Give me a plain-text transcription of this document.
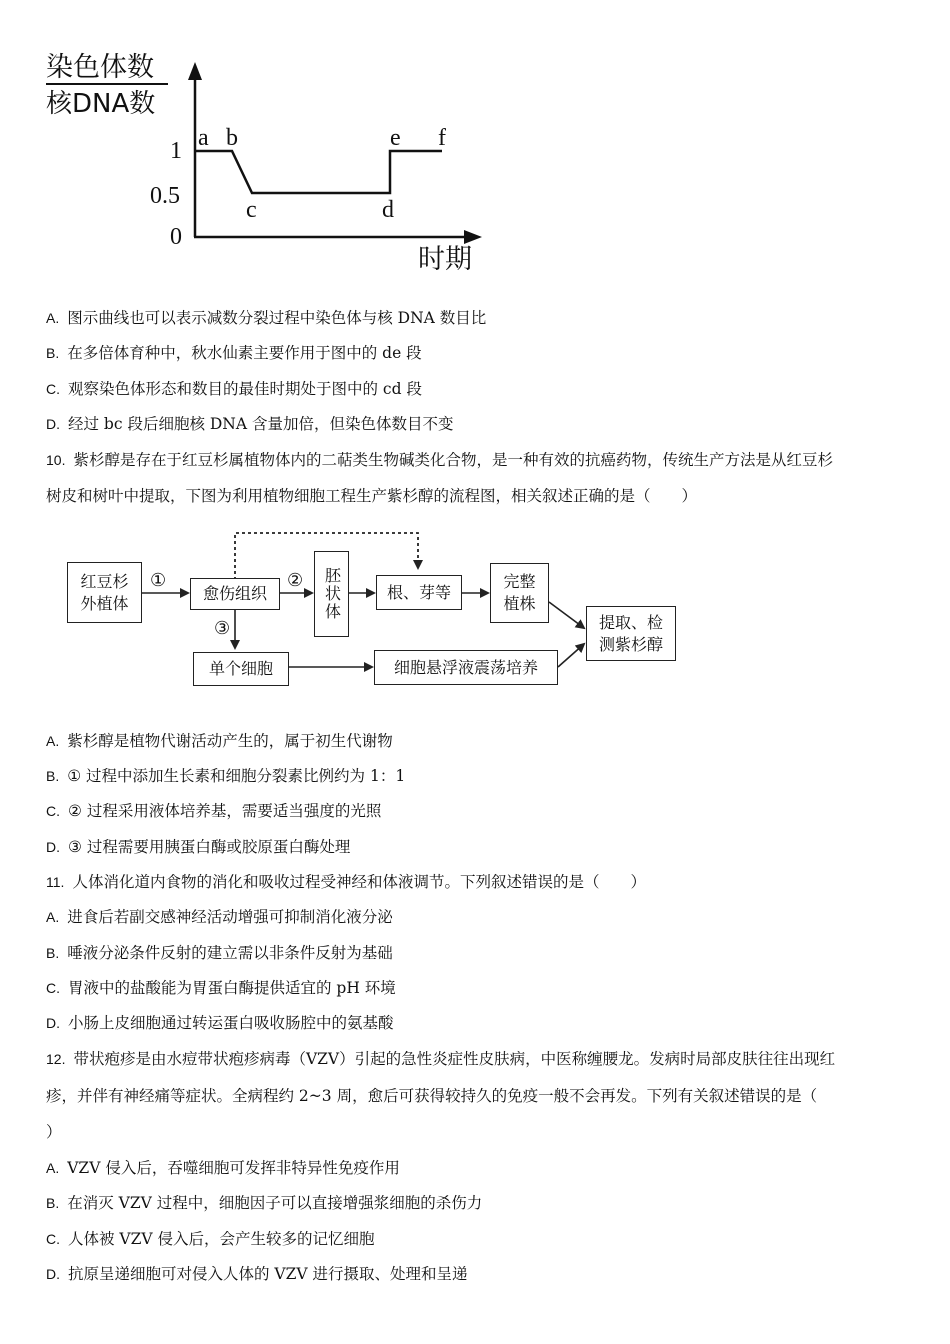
染色体数
核DNA数
1
0.5
0
a b
c	d
e f
时期
A. 图示曲线也可以表示减数分裂过程中染色体与核 DNA 数目比
B. 在多倍体育种中，秋水仙素主要作用于图中的 de 段
C. 观察染色体形态和数目的最佳时期处于图中的 cd 段
D. 经过 bc 段后细胞核 DNA 含量加倍，但染色体数目不变
10. 紫杉醇是存在于红豆杉属植物体内的二萜类生物碱类化合物，是一种有效的抗癌药物，传统生产方法是从红豆杉
树皮和树叶中提取，下图为利用植物细胞工程生产紫杉醇的流程图，相关叙述正确的是（　　）
①	②
③
红豆杉
外植体	愈伤组织	胚状体	根、芽等
完整
植株
提取、检
测紫杉醇
单个细胞	细胞悬浮液震荡培养
A. 紫杉醇是植物代谢活动产生的，属于初生代谢物
B. ① 过程中添加生长素和细胞分裂素比例约为 1：1
C. ② 过程采用液体培养基，需要适当强度的光照
D. ③ 过程需要用胰蛋白酶或胶原蛋白酶处理
11. 人体消化道内食物的消化和吸收过程受神经和体液调节。下列叙述错误的是（　　）
A. 进食后若副交感神经活动增强可抑制消化液分泌
B. 唾液分泌条件反射的建立需以非条件反射为基础
C. 胃液中的盐酸能为胃蛋白酶提供适宜的 pH 环境
D. 小肠上皮细胞通过转运蛋白吸收肠腔中的氨基酸
12. 带状疱疹是由水痘带状疱疹病毒（VZV）引起的急性炎症性皮肤病，中医称缠腰龙。发病时局部皮肤往往出现红
疹，并伴有神经痛等症状。全病程约 2~3 周，愈后可获得较持久的免疫一般不会再发。下列有关叙述错误的是（
）
A. VZV 侵入后，吞噬细胞可发挥非特异性免疫作用
B. 在消灭 VZV 过程中，细胞因子可以直接增强浆细胞的杀伤力
C. 人体被 VZV 侵入后，会产生较多的记忆细胞
D. 抗原呈递细胞可对侵入人体的 VZV 进行摄取、处理和呈递
